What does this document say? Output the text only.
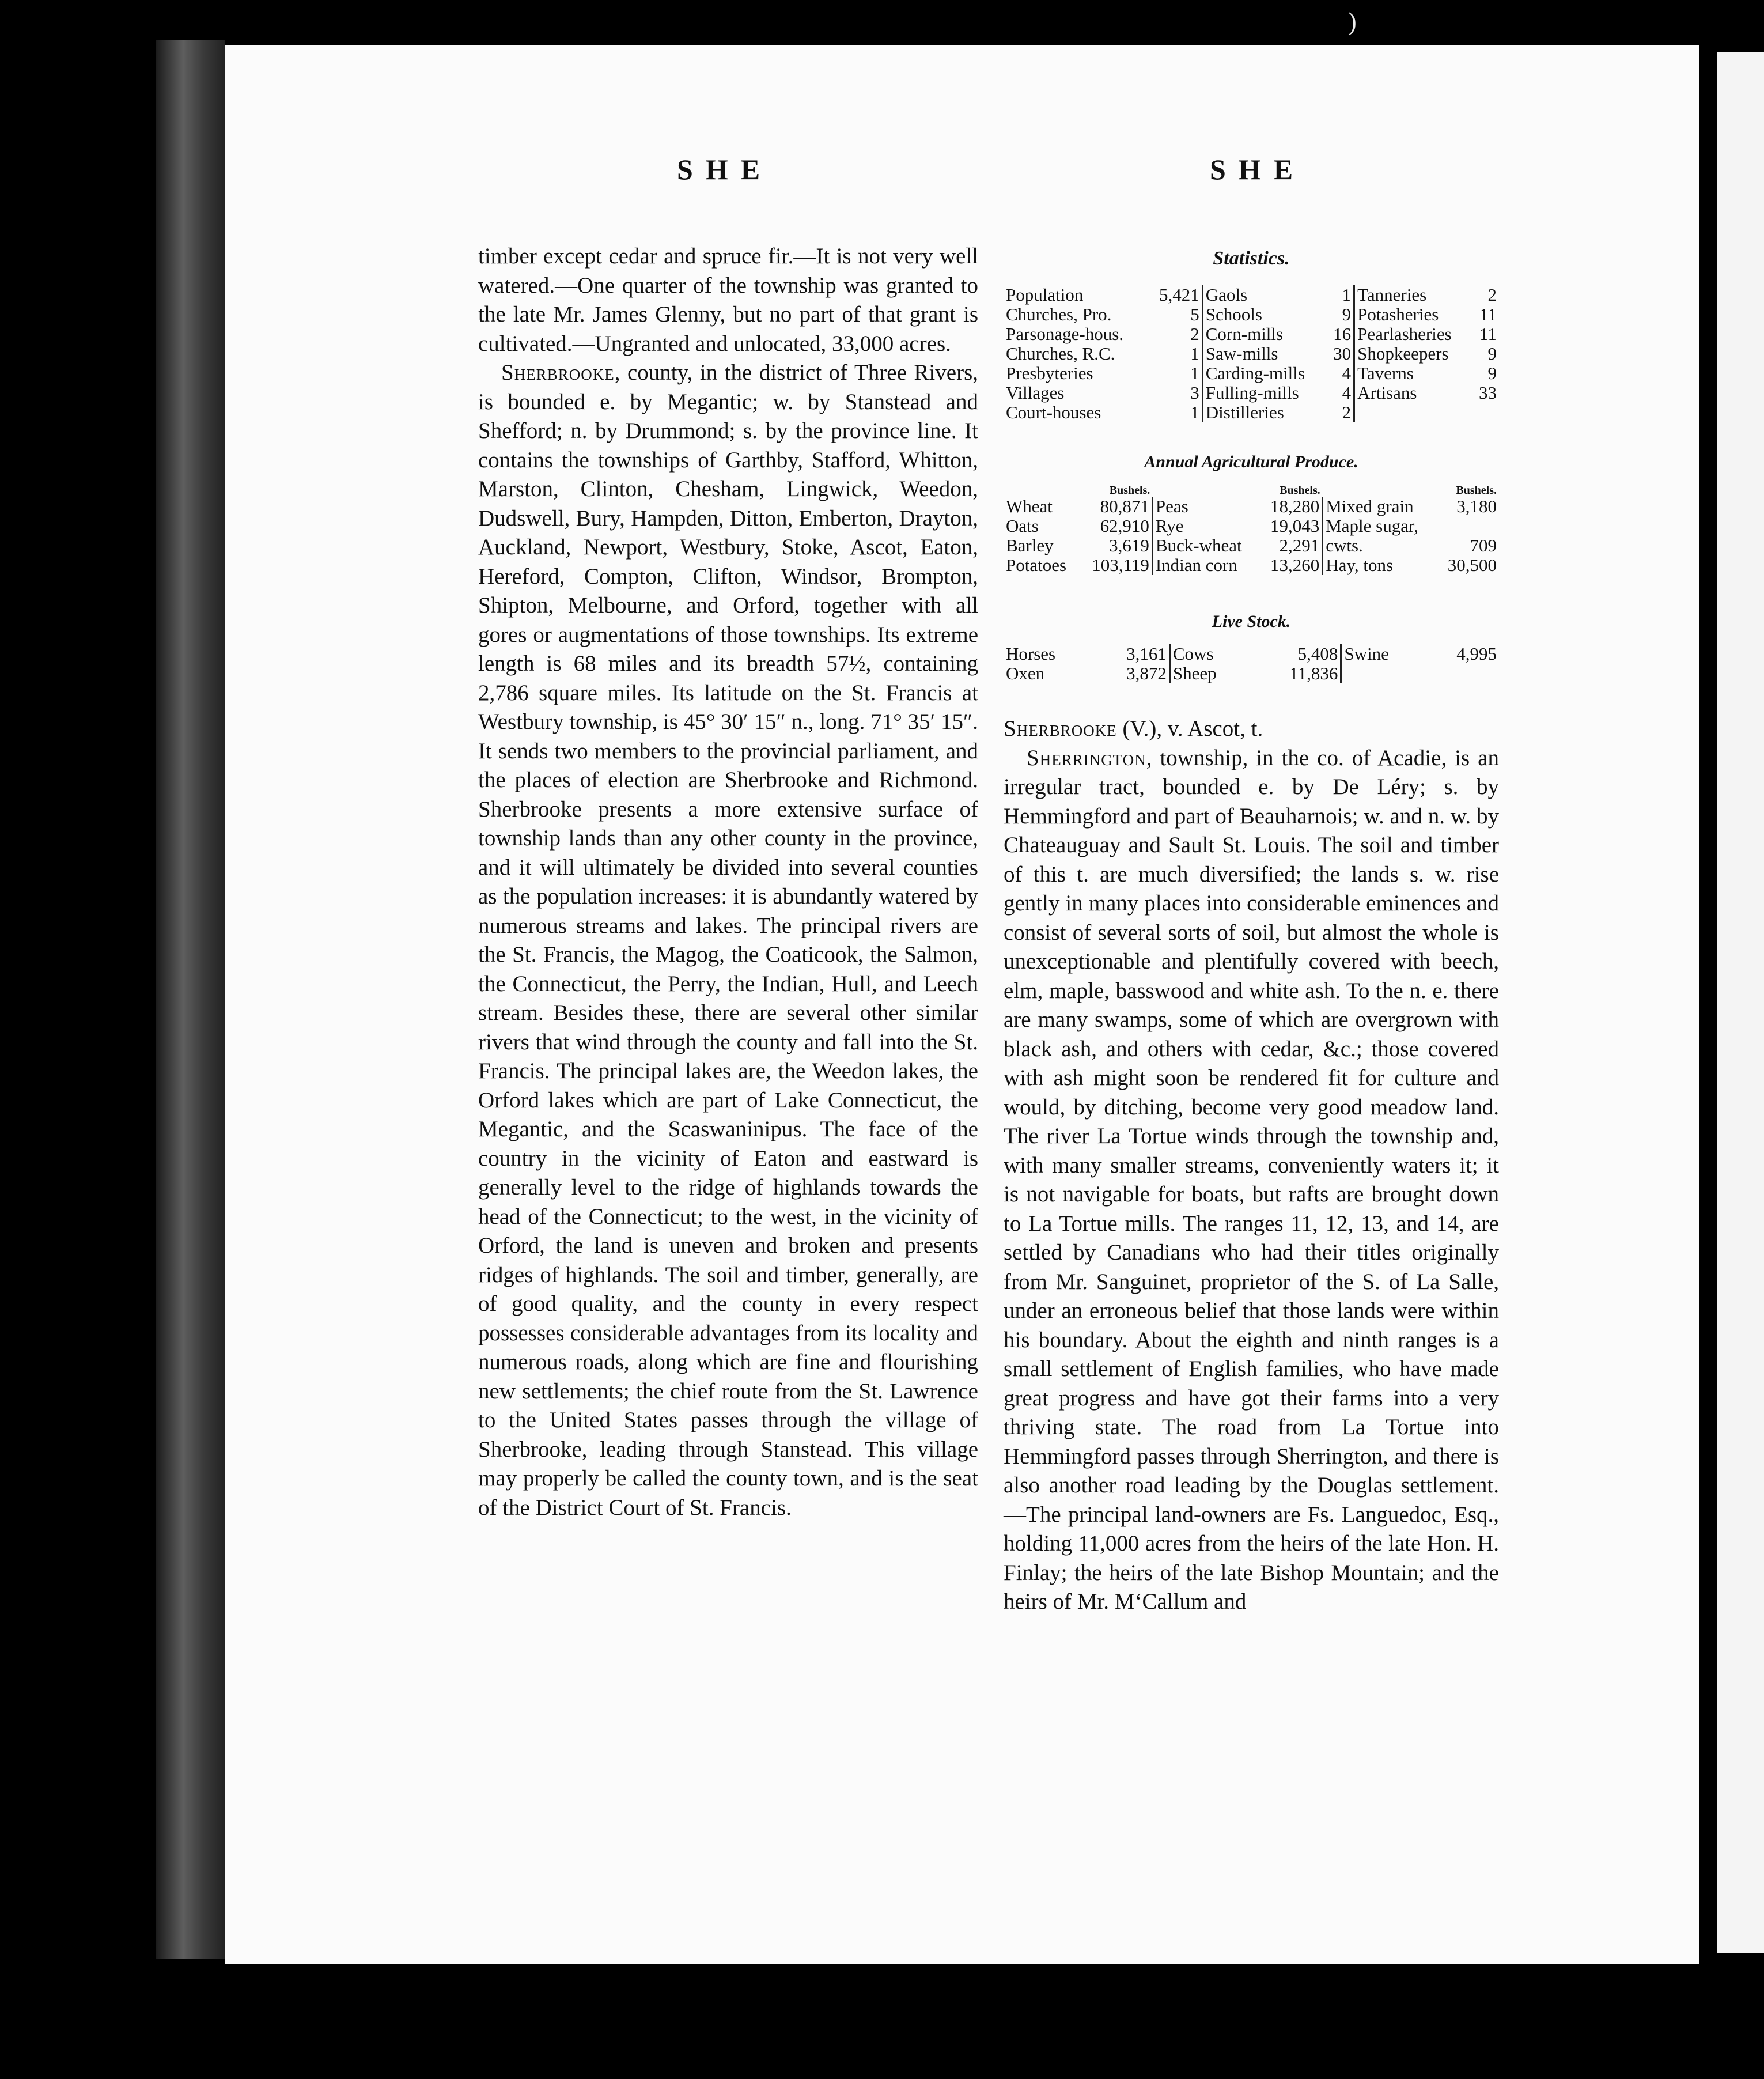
)
SHE	SHE

timber except cedar and spruce fir.—It is not very well watered.—One quarter of the township was granted to the late Mr. James Glenny, but no part of that grant is cultivated.—Ungranted and unlocated, 33,000 acres.

Sherbrooke, county, in the district of Three Rivers, is bounded e. by Megantic; w. by Stanstead and Shefford; n. by Drummond; s. by the province line. It contains the townships of Garthby, Stafford, Whitton, Marston, Clinton, Chesham, Lingwick, Weedon, Dudswell, Bury, Hampden, Ditton, Emberton, Drayton, Auckland, Newport, Westbury, Stoke, Ascot, Eaton, Hereford, Compton, Clifton, Windsor, Brompton, Shipton, Melbourne, and Orford, together with all gores or augmentations of those townships. Its extreme length is 68 miles and its breadth 57½, containing 2,786 square miles. Its latitude on the St. Francis at Westbury township, is 45° 30′ 15″ n., long. 71° 35′ 15″. It sends two members to the provincial parliament, and the places of election are Sherbrooke and Richmond. Sherbrooke presents a more extensive surface of township lands than any other county in the province, and it will ultimately be divided into several counties as the population increases: it is abundantly watered by numerous streams and lakes. The principal rivers are the St. Francis, the Magog, the Coaticook, the Salmon, the Connecticut, the Perry, the Indian, Hull, and Leech stream. Besides these, there are several other similar rivers that wind through the county and fall into the St. Francis. The principal lakes are, the Weedon lakes, the Orford lakes which are part of Lake Connecticut, the Megantic, and the Scaswaninipus. The face of the country in the vicinity of Eaton and eastward is generally level to the ridge of highlands towards the head of the Connecticut; to the west, in the vicinity of Orford, the land is uneven and broken and presents ridges of highlands. The soil and timber, generally, are of good quality, and the county in every respect possesses considerable advantages from its locality and numerous roads, along which are fine and flourishing new settlements; the chief route from the St. Lawrence to the United States passes through the village of Sherbrooke, leading through Stanstead. This village may properly be called the county town, and is the seat of the District Court of St. Francis.

Statistics.
Population	5,421	Gaols	1	Tanneries	2
Churches, Pro.	5	Schools	9	Potasheries	11
Parsonage-hous.	2	Corn-mills	16	Pearlasheries	11
Churches, R.C.	1	Saw-mills	30	Shopkeepers	9
Presbyteries	1	Carding-mills	4	Taverns	9
Villages	3	Fulling-mills	4	Artisans	33
Court-houses	1	Distilleries	2		
Annual Agricultural Produce.
	Bushels.		Bushels.		Bushels.
Wheat	80,871	Peas	18,280	Mixed grain	3,180
Oats	62,910	Rye	19,043	Maple sugar,	
Barley	3,619	Buck-wheat	2,291	cwts.	709
Potatoes	103,119	Indian corn	13,260	Hay, tons	30,500
Live Stock.
Horses	3,161	Cows	5,408	Swine	4,995
Oxen	3,872	Sheep	11,836		

Sherbrooke (V.), v. Ascot, t.

Sherrington, township, in the co. of Acadie, is an irregular tract, bounded e. by De Léry; s. by Hemmingford and part of Beauharnois; w. and n. w. by Chateauguay and Sault St. Louis. The soil and timber of this t. are much diversified; the lands s. w. rise gently in many places into considerable eminences and consist of several sorts of soil, but almost the whole is unexceptionable and plentifully covered with beech, elm, maple, basswood and white ash. To the n. e. there are many swamps, some of which are overgrown with black ash, and others with cedar, &c.; those covered with ash might soon be rendered fit for culture and would, by ditching, become very good meadow land. The river La Tortue winds through the township and, with many smaller streams, conveniently waters it; it is not navigable for boats, but rafts are brought down to La Tortue mills. The ranges 11, 12, 13, and 14, are settled by Canadians who had their titles originally from Mr. Sanguinet, proprietor of the S. of La Salle, under an erroneous belief that those lands were within his boundary. About the eighth and ninth ranges is a small settlement of English families, who have made great progress and have got their farms into a very thriving state. The road from La Tortue into Hemmingford passes through Sherrington, and there is also another road leading by the Douglas settlement. —The principal land-owners are Fs. Languedoc, Esq., holding 11,000 acres from the heirs of the late Hon. H. Finlay; the heirs of the late Bishop Mountain; and the heirs of Mr. M‘Callum and
